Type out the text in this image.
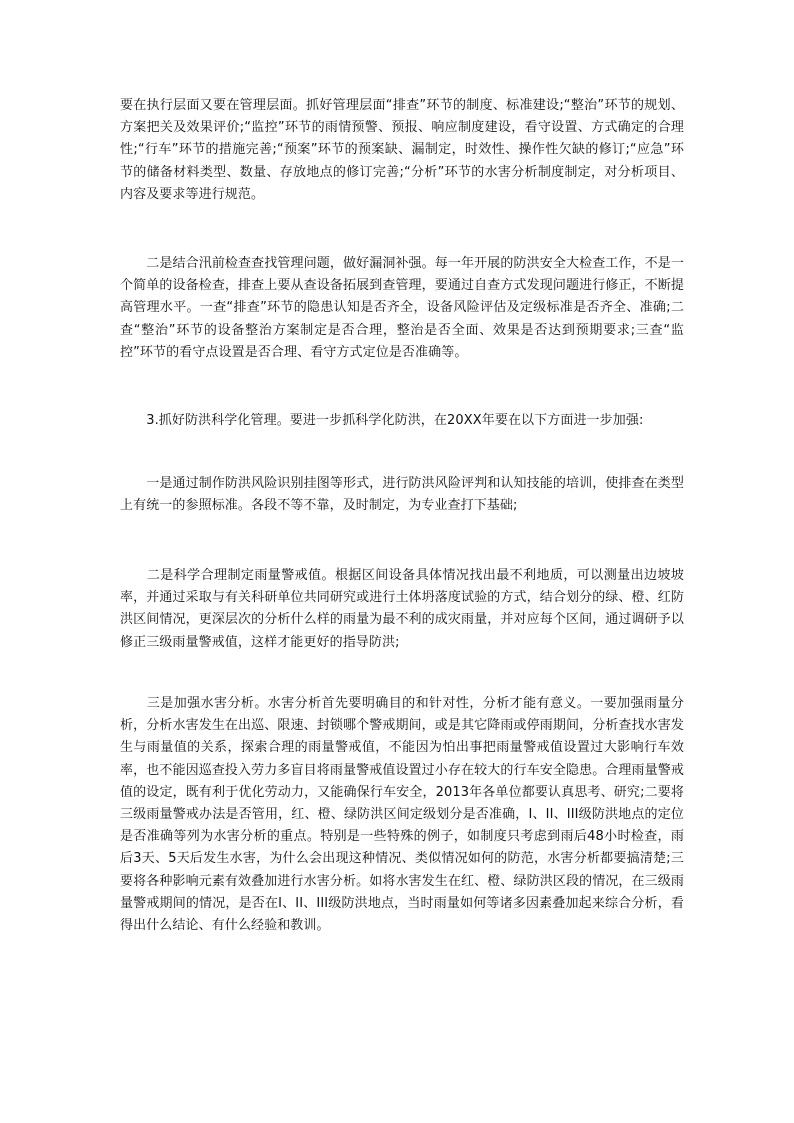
要在执行层面又要在管理层面。抓好管理层面“排查”环节的制度、标准建设;“整治”环节的规划、方案把关及效果评价;“监控”环节的雨情预警、预报、响应制度建设，看守设置、方式确定的合理性;“行车”环节的措施完善;“预案”环节的预案缺、漏制定，时效性、操作性欠缺的修订;“应急”环节的储备材料类型、数量、存放地点的修订完善;“分析”环节的水害分析制度制定，对分析项目、内容及要求等进行规范。

　　二是结合汛前检查查找管理问题，做好漏洞补强。每一年开展的防洪安全大检查工作，不是一个简单的设备检查，排查上要从查设备拓展到查管理，要通过自查方式发现问题进行修正，不断提高管理水平。一查“排查”环节的隐患认知是否齐全，设备风险评估及定级标准是否齐全、准确;二查“整治”环节的设备整治方案制定是否合理，整治是否全面、效果是否达到预期要求;三查“监控”环节的看守点设置是否合理、看守方式定位是否准确等。

　　3.抓好防洪科学化管理。要进一步抓科学化防洪，在20XX年要在以下方面进一步加强:

　　一是通过制作防洪风险识别挂图等形式，进行防洪风险评判和认知技能的培训，使排查在类型上有统一的参照标准。各段不等不靠，及时制定，为专业查打下基础;

　　二是科学合理制定雨量警戒值。根据区间设备具体情况找出最不利地质，可以测量出边坡坡率，并通过采取与有关科研单位共同研究或进行土体坍落度试验的方式，结合划分的绿、橙、红防洪区间情况，更深层次的分析什么样的雨量为最不利的成灾雨量，并对应每个区间，通过调研予以修正三级雨量警戒值，这样才能更好的指导防洪;

　　三是加强水害分析。水害分析首先要明确目的和针对性，分析才能有意义。一要加强雨量分析，分析水害发生在出巡、限速、封锁哪个警戒期间，或是其它降雨或停雨期间，分析查找水害发生与雨量值的关系，探索合理的雨量警戒值，不能因为怕出事把雨量警戒值设置过大影响行车效率，也不能因巡查投入劳力多盲目将雨量警戒值设置过小存在较大的行车安全隐患。合理雨量警戒值的设定，既有利于优化劳动力，又能确保行车安全，2013年各单位都要认真思考、研究;二要将三级雨量警戒办法是否管用，红、橙、绿防洪区间定级划分是否准确，I、II、III级防洪地点的定位是否准确等列为水害分析的重点。特别是一些特殊的例子，如制度只考虑到雨后48小时检查，雨后3天、5天后发生水害，为什么会出现这种情况、类似情况如何的防范，水害分析都要搞清楚;三要将各种影响元素有效叠加进行水害分析。如将水害发生在红、橙、绿防洪区段的情况，在三级雨量警戒期间的情况，是否在I、II、III级防洪地点，当时雨量如何等诸多因素叠加起来综合分析，看得出什么结论、有什么经验和教训。
